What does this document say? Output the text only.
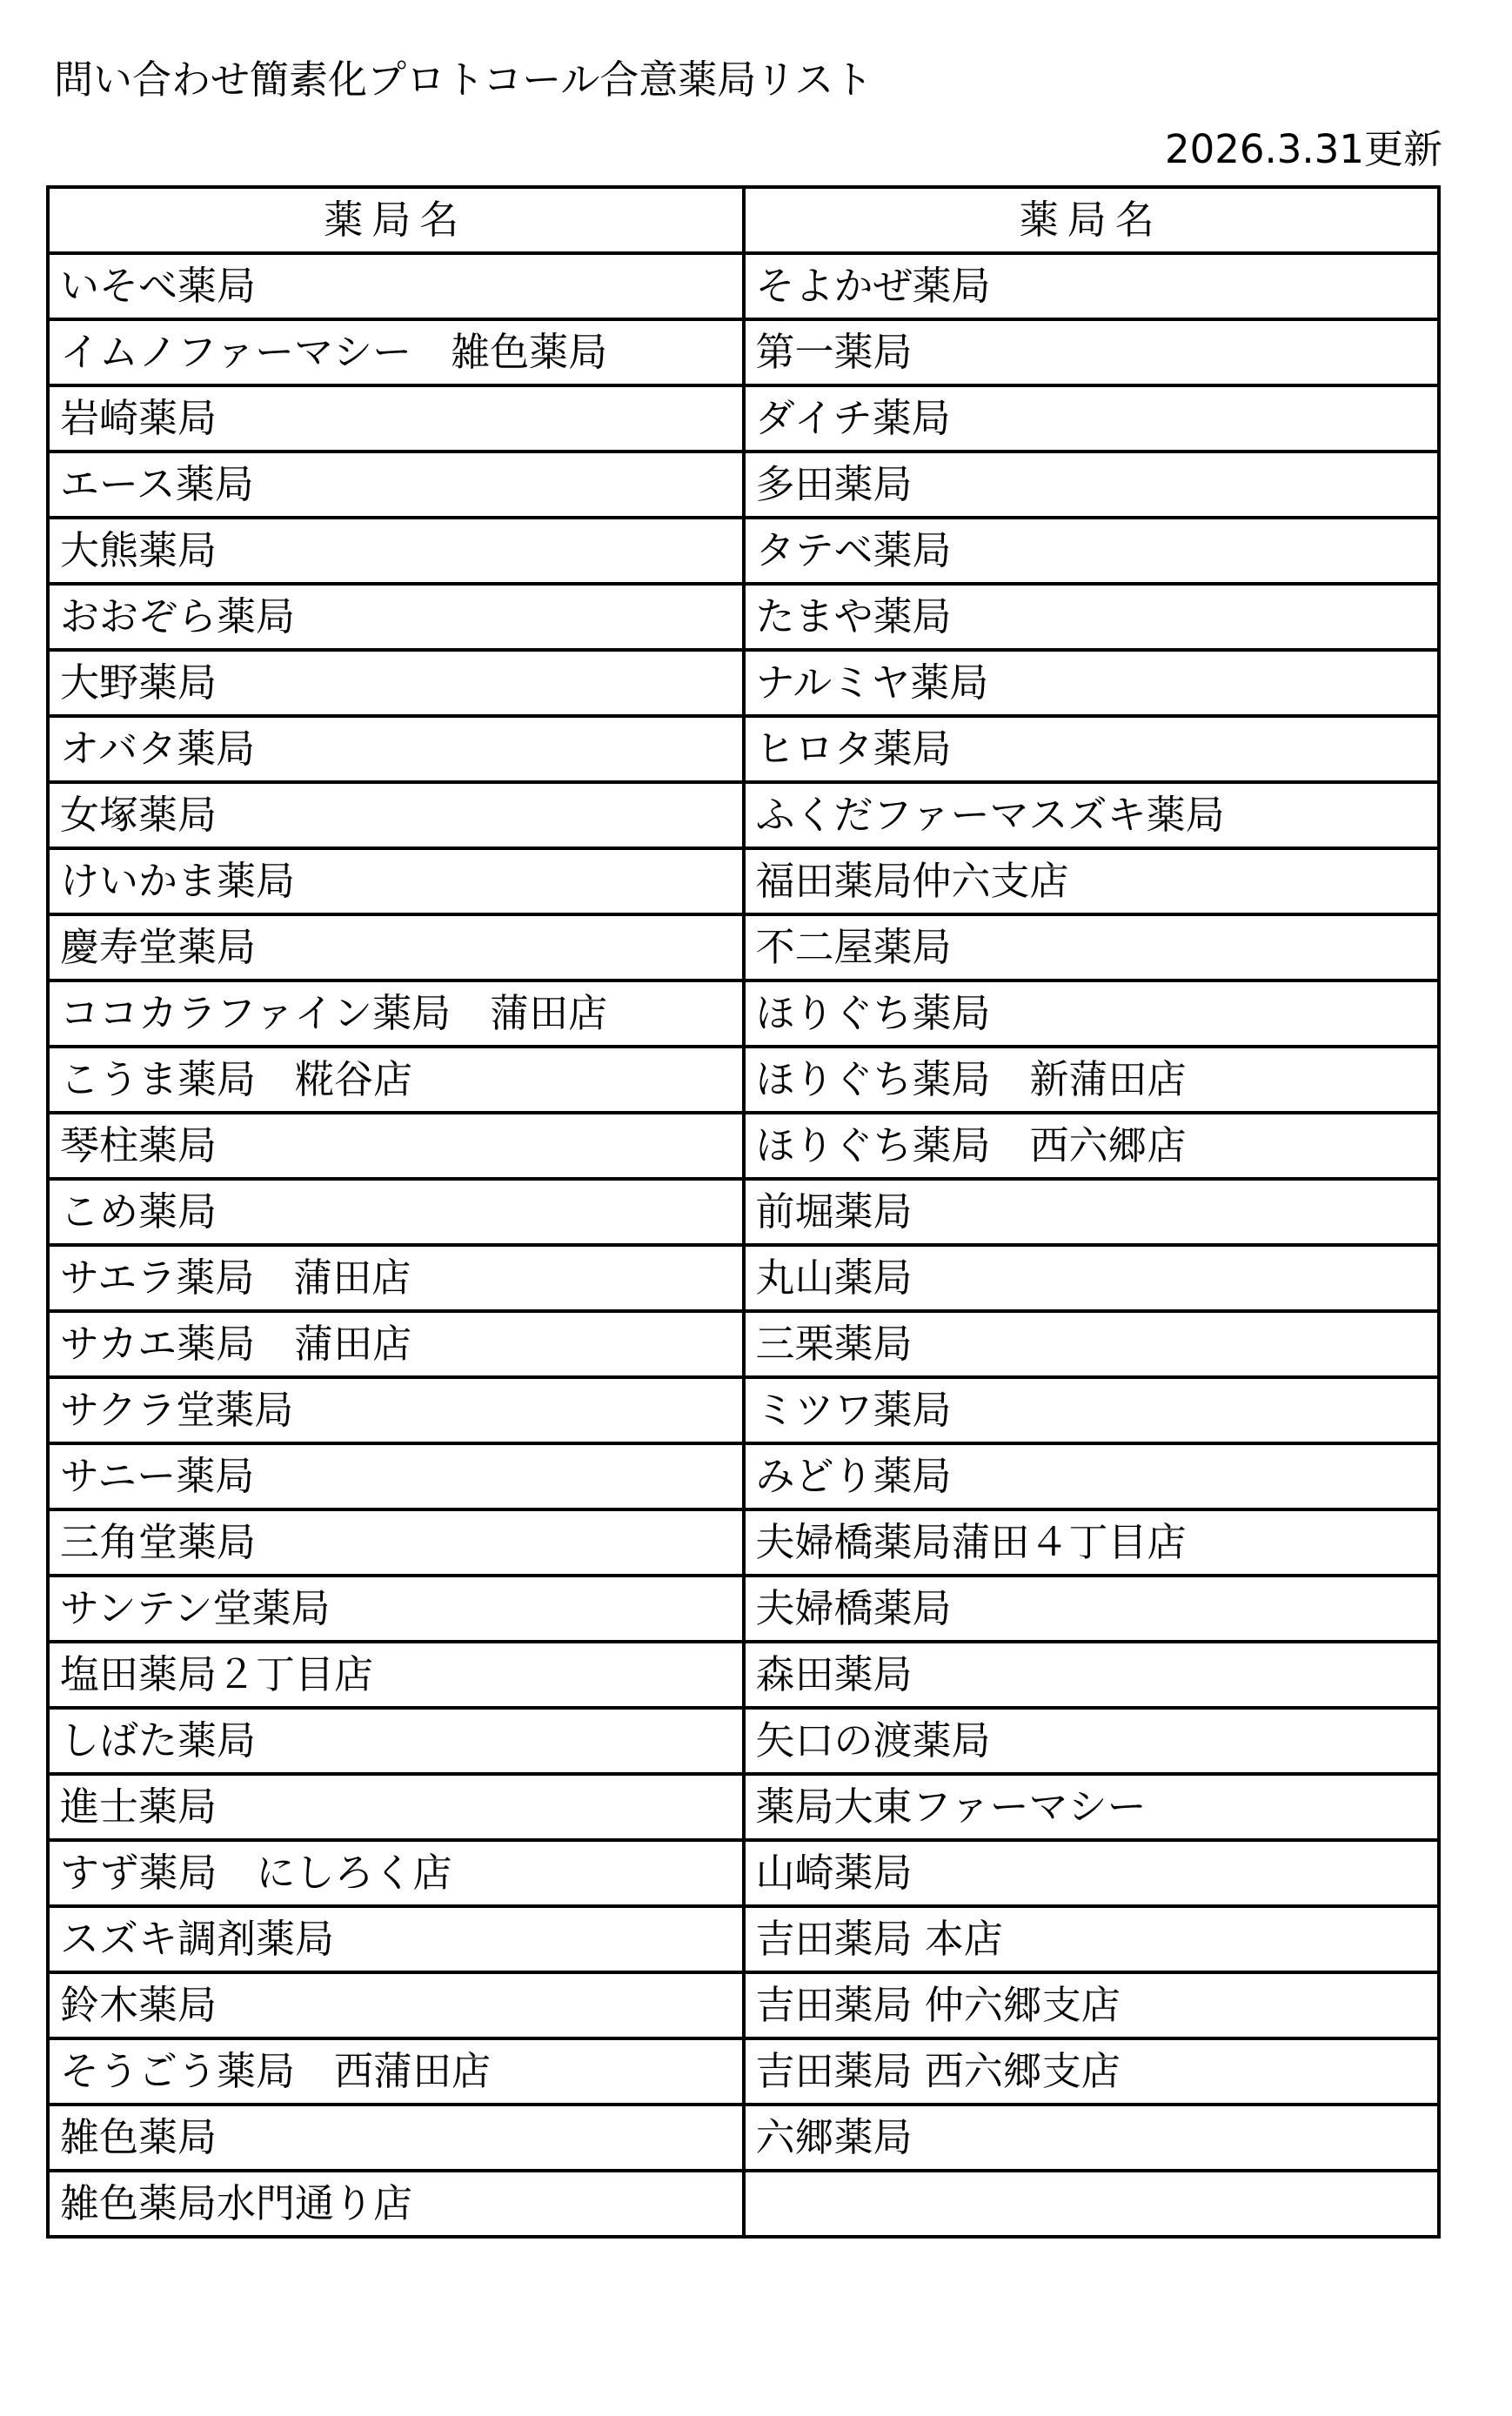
問い合わせ簡素化プロトコール合意薬局リスト
2026.3.31更新
薬局名	薬局名
いそべ薬局	そよかぜ薬局
イムノファーマシー　雑色薬局	第一薬局
岩崎薬局	ダイチ薬局
エース薬局	多田薬局
大熊薬局	タテベ薬局
おおぞら薬局	たまや薬局
大野薬局	ナルミヤ薬局
オバタ薬局	ヒロタ薬局
女塚薬局	ふくだファーマスズキ薬局
けいかま薬局	福田薬局仲六支店
慶寿堂薬局	不二屋薬局
ココカラファイン薬局　蒲田店	ほりぐち薬局
こうま薬局　糀谷店	ほりぐち薬局　新蒲田店
琴柱薬局	ほりぐち薬局　西六郷店
こめ薬局	前堀薬局
サエラ薬局　蒲田店	丸山薬局
サカエ薬局　蒲田店	三栗薬局
サクラ堂薬局	ミツワ薬局
サニー薬局	みどり薬局
三角堂薬局	夫婦橋薬局蒲田４丁目店
サンテン堂薬局	夫婦橋薬局
塩田薬局２丁目店	森田薬局
しばた薬局	矢口の渡薬局
進士薬局	薬局大東ファーマシー
すず薬局　にしろく店	山崎薬局
スズキ調剤薬局	吉田薬局 本店
鈴木薬局	吉田薬局 仲六郷支店
そうごう薬局　西蒲田店	吉田薬局 西六郷支店
雑色薬局	六郷薬局
雑色薬局水門通り店	
